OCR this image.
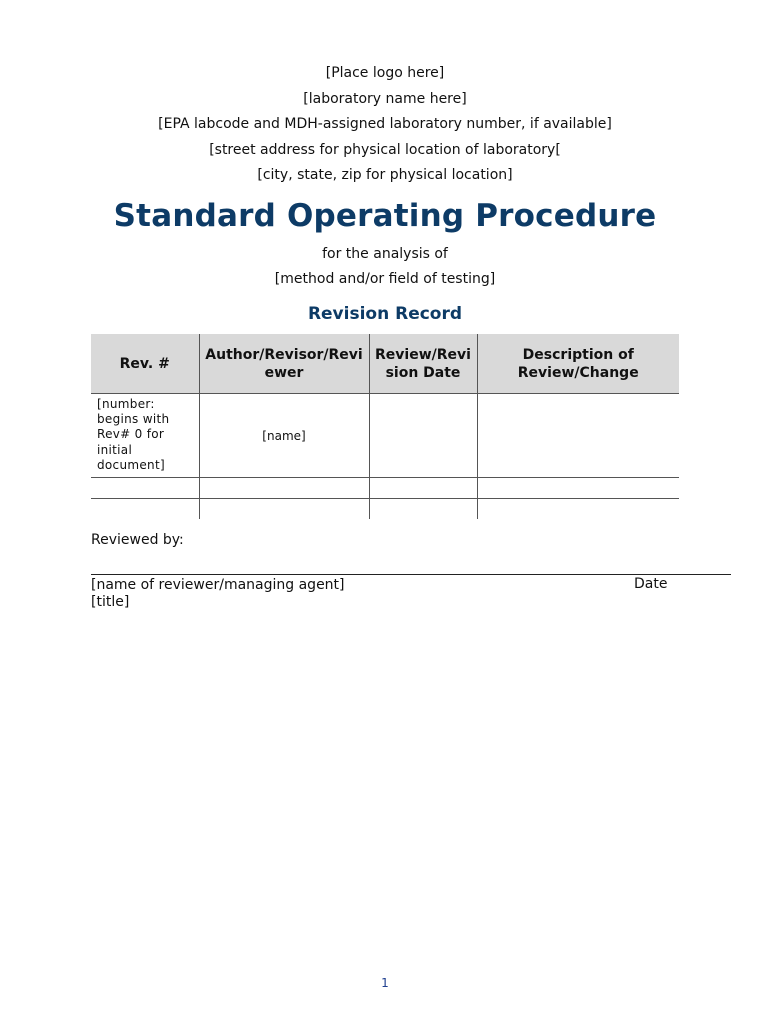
[Place logo here]
[laboratory name here]
[EPA labcode and MDH-assigned laboratory number, if available]
[street address for physical location of laboratory[
[city, state, zip for physical location]
Standard Operating Procedure
for the analysis of
[method and/or field of testing]
Revision Record
Rev. #	Author/Revisor/Reviewer	Review/Revision Date	Description of Review/Change
[number: begins with Rev# 0 for initial document]	[name]		

Reviewed by:
[name of reviewer/managing agent]	Date
[title]
1
